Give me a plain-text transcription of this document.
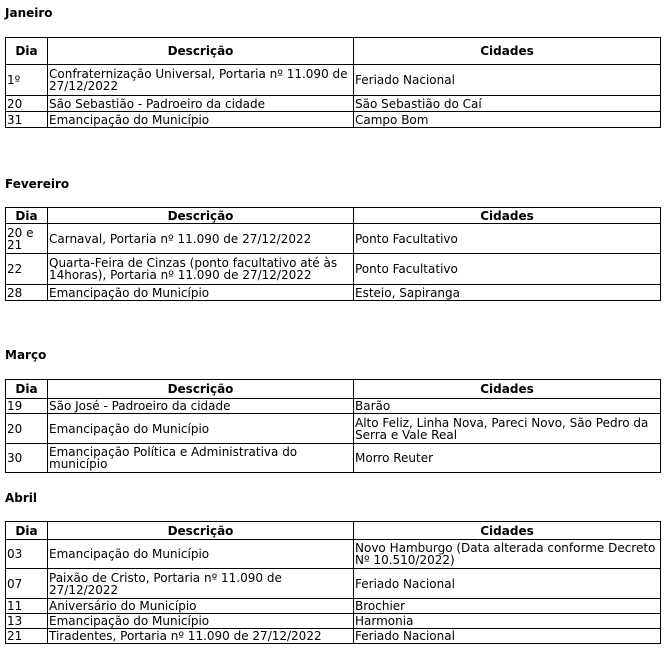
Janeiro
Dia	Descrição	Cidades
1º	Confraternização Universal, Portaria nº 11.090 de 27/12/2022	Feriado Nacional
20	São Sebastião - Padroeiro da cidade	São Sebastião do Caí
31	Emancipação do Município	Campo Bom
Fevereiro
Dia	Descrição	Cidades
20 e 21	Carnaval, Portaria nº 11.090 de 27/12/2022	Ponto Facultativo
22	Quarta-Feira de Cinzas (ponto facultativo até às 14horas), Portaria nº 11.090 de 27/12/2022	Ponto Facultativo
28	Emancipação do Município	Esteio, Sapiranga
Março
Dia	Descrição	Cidades
19	São José - Padroeiro da cidade	Barão
20	Emancipação do Município	Alto Feliz, Linha Nova, Pareci Novo, São Pedro da Serra e Vale Real
30	Emancipação Política e Administrativa do município	Morro Reuter
Abril
Dia	Descrição	Cidades
03	Emancipação do Município	Novo Hamburgo (Data alterada conforme Decreto Nº 10.510/2022)
07	Paixão de Cristo, Portaria nº 11.090 de 27/12/2022	Feriado Nacional
11	Aniversário do Município	Brochier
13	Emancipação do Município	Harmonia
21	Tiradentes, Portaria nº 11.090 de 27/12/2022	Feriado Nacional
